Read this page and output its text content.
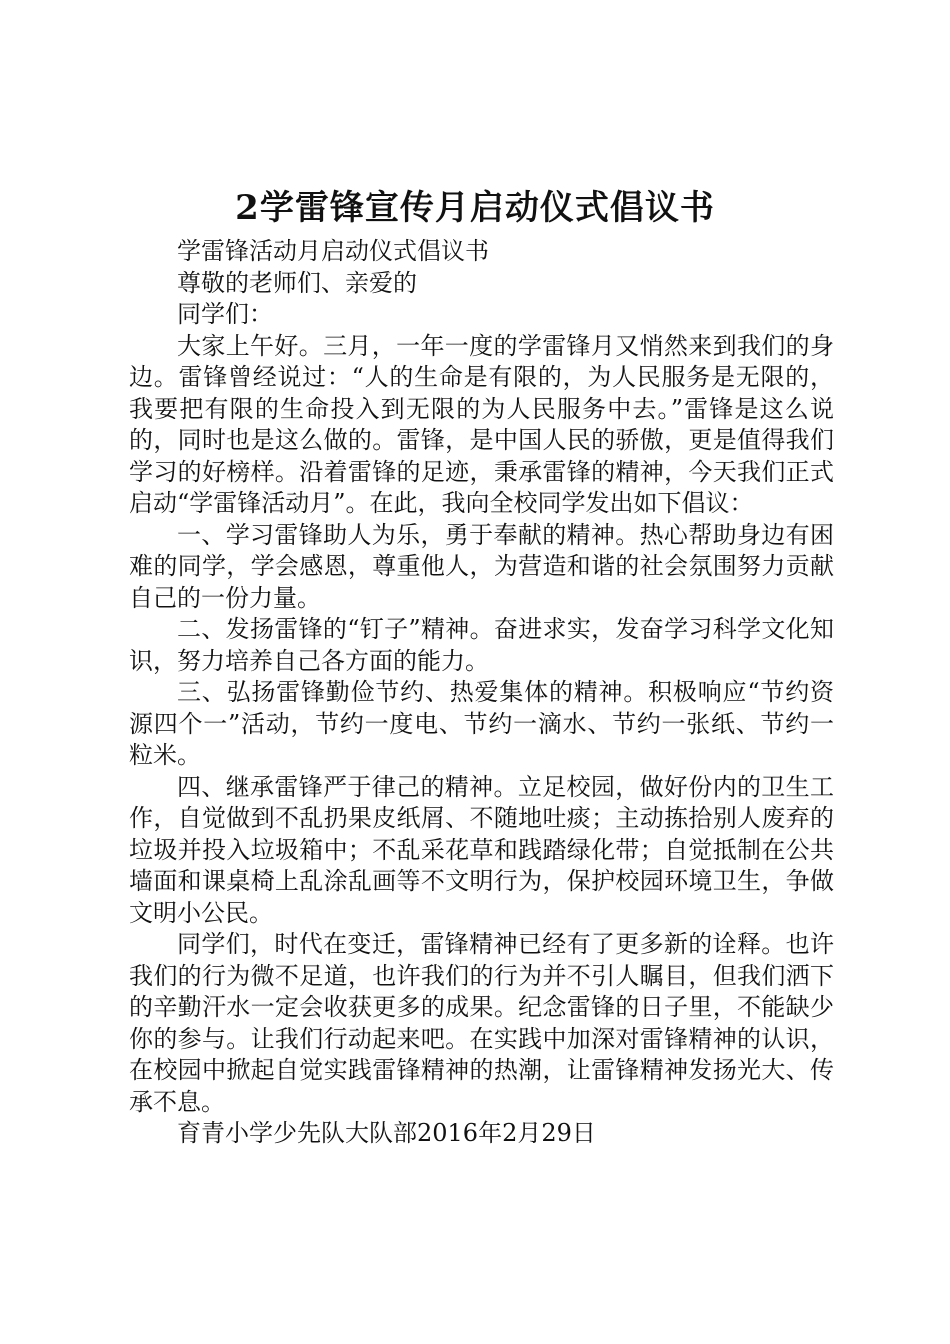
2学雷锋宣传月启动仪式倡议书

学雷锋活动月启动仪式倡议书

尊敬的老师们、亲爱的

同学们：

大家上午好。三月，一年一度的学雷锋月又悄然来到我们的身边。雷锋曾经说过：“人的生命是有限的，为人民服务是无限的，我要把有限的生命投入到无限的为人民服务中去。”雷锋是这么说的，同时也是这么做的。雷锋，是中国人民的骄傲，更是值得我们学习的好榜样。沿着雷锋的足迹，秉承雷锋的精神，今天我们正式启动“学雷锋活动月”。在此，我向全校同学发出如下倡议：

一、学习雷锋助人为乐，勇于奉献的精神。热心帮助身边有困难的同学，学会感恩，尊重他人，为营造和谐的社会氛围努力贡献自己的一份力量。

二、发扬雷锋的“钉子”精神。奋进求实，发奋学习科学文化知识，努力培养自己各方面的能力。

三、弘扬雷锋勤俭节约、热爱集体的精神。积极响应“节约资源四个一”活动，节约一度电、节约一滴水、节约一张纸、节约一粒米。

四、继承雷锋严于律己的精神。立足校园，做好份内的卫生工作，自觉做到不乱扔果皮纸屑、不随地吐痰；主动拣拾别人废弃的垃圾并投入垃圾箱中；不乱采花草和践踏绿化带；自觉抵制在公共墙面和课桌椅上乱涂乱画等不文明行为，保护校园环境卫生，争做文明小公民。

同学们，时代在变迁，雷锋精神已经有了更多新的诠释。也许我们的行为微不足道，也许我们的行为并不引人瞩目，但我们洒下的辛勤汗水一定会收获更多的成果。纪念雷锋的日子里，不能缺少你的参与。让我们行动起来吧。在实践中加深对雷锋精神的认识，在校园中掀起自觉实践雷锋精神的热潮，让雷锋精神发扬光大、传承不息。

育青小学少先队大队部2016年2月29日
